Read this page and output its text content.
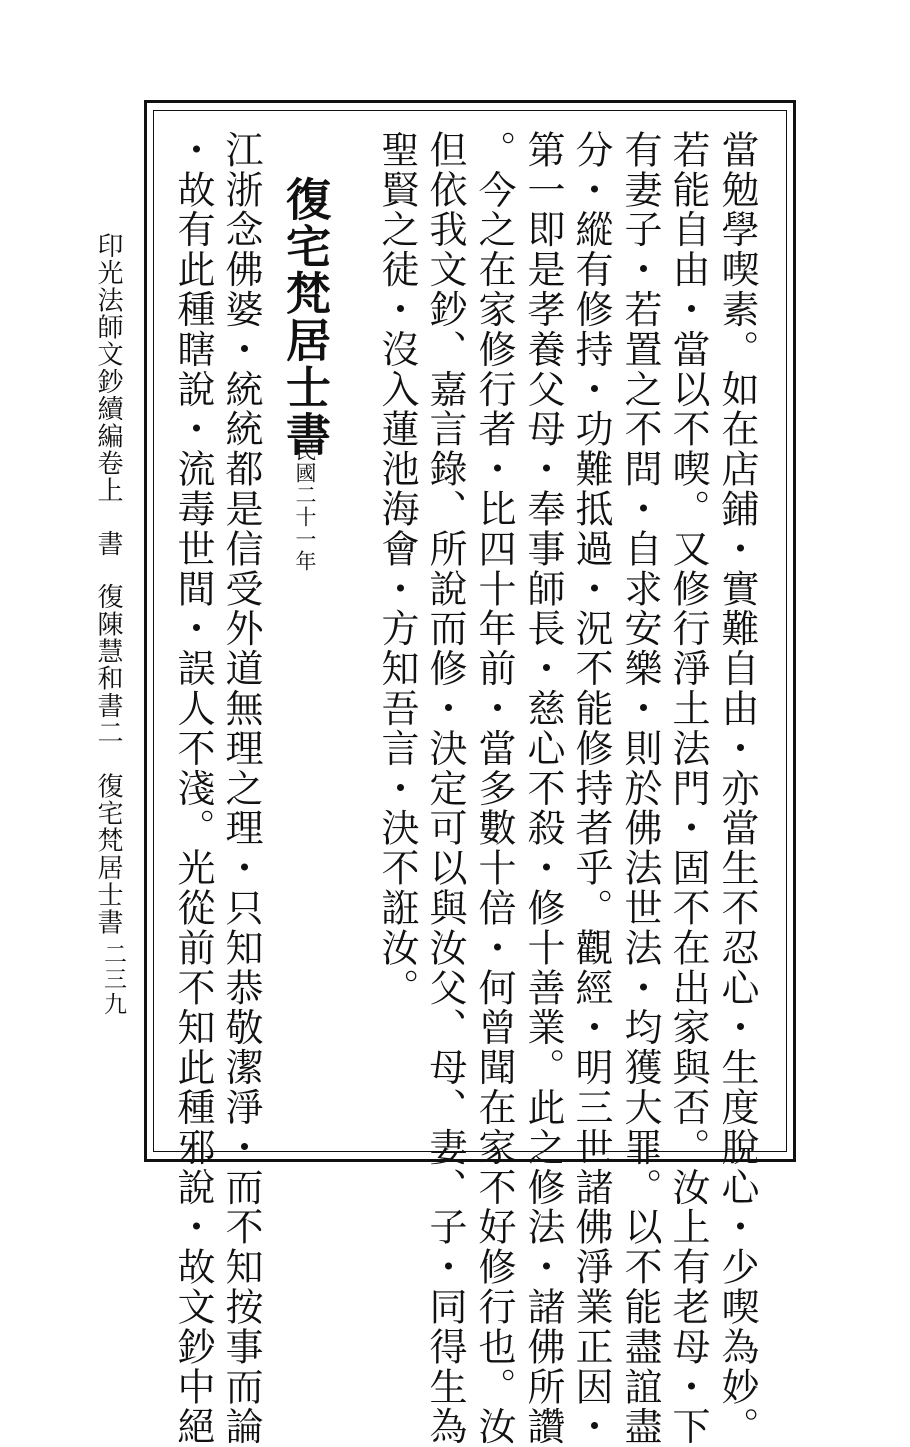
印光法師文鈔續編卷上書復陳慧和書二復宅梵居士書
二三九	當勉學喫素。如在店鋪・實難自由・亦當生不忍心・生度脫心・少喫為妙。
若能自由・當以不喫。又修行淨土法門・固不在出家與否。汝上有老母・下
有妻子・若置之不問・自求安樂・則於佛法世法・均獲大罪。以不能盡誼盡
分・縱有修持・功難抵過・況不能修持者乎。觀經・明三世諸佛淨業正因・
第一即是孝養父母・奉事師長・慈心不殺・修十善業。此之修法・諸佛所讚
。今之在家修行者・比四十年前・當多數十倍・何曾聞在家不好修行也。汝
但依我文鈔、嘉言錄、所說而修・決定可以與汝父、母、妻、子・同得生為
聖賢之徒・沒入蓮池海會・方知吾言・決不誑汝。
復宅梵居士書
民國二十一年
江浙念佛婆・統統都是信受外道無理之理・只知恭敬潔淨・而不知按事而論
・故有此種瞎說・流毒世間・誤人不淺。光從前不知此種邪說・故文鈔中絕
